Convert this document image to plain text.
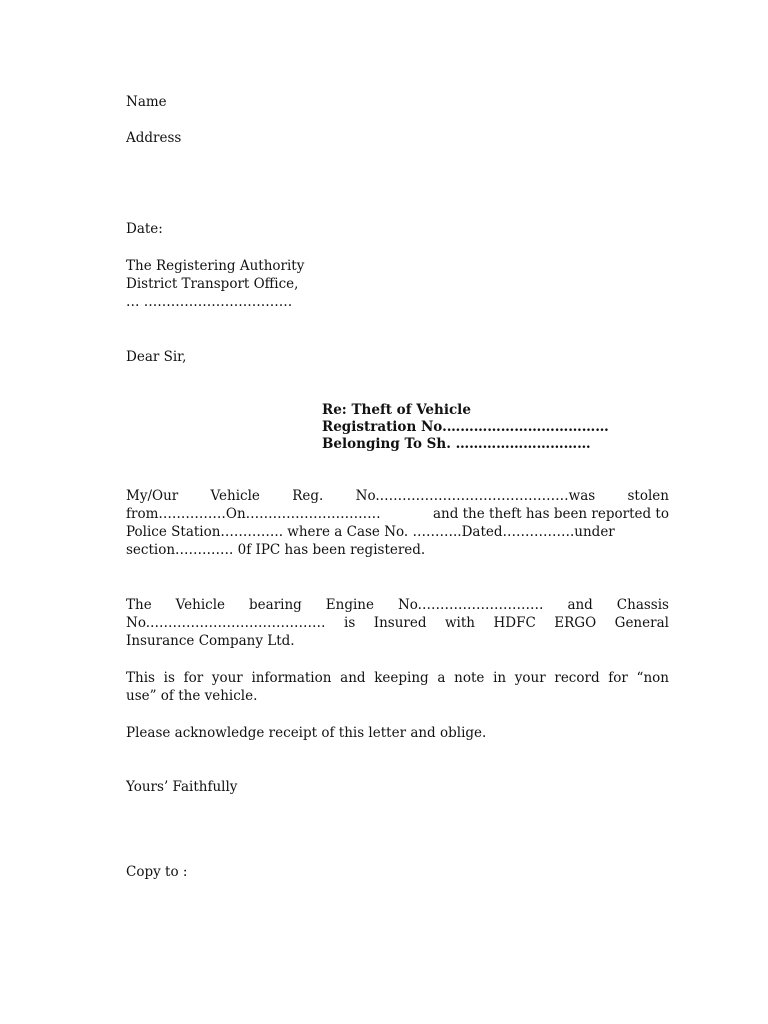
Name
Address
Date:
The Registering Authority
District Transport Office,
… ……………………………
Dear Sir,
Re: Theft of Vehicle
Registration No.………………………………
Belonging To Sh. …………………………
My/Our Vehicle Reg. No.……………………………………was stolen
from……………On…………………………	and the theft has been reported to
Police Station………….. where a Case No. ………..Dated…………….under
section…………. 0f IPC has been registered.
The Vehicle bearing Engine No.……………………… and Chassis
No.………………………………… is Insured with HDFC ERGO General
Insurance Company Ltd.
This is for your information and keeping a note in your record for “non
use” of the vehicle.
Please acknowledge receipt of this letter and oblige.
Yours’ Faithfully
Copy to :
